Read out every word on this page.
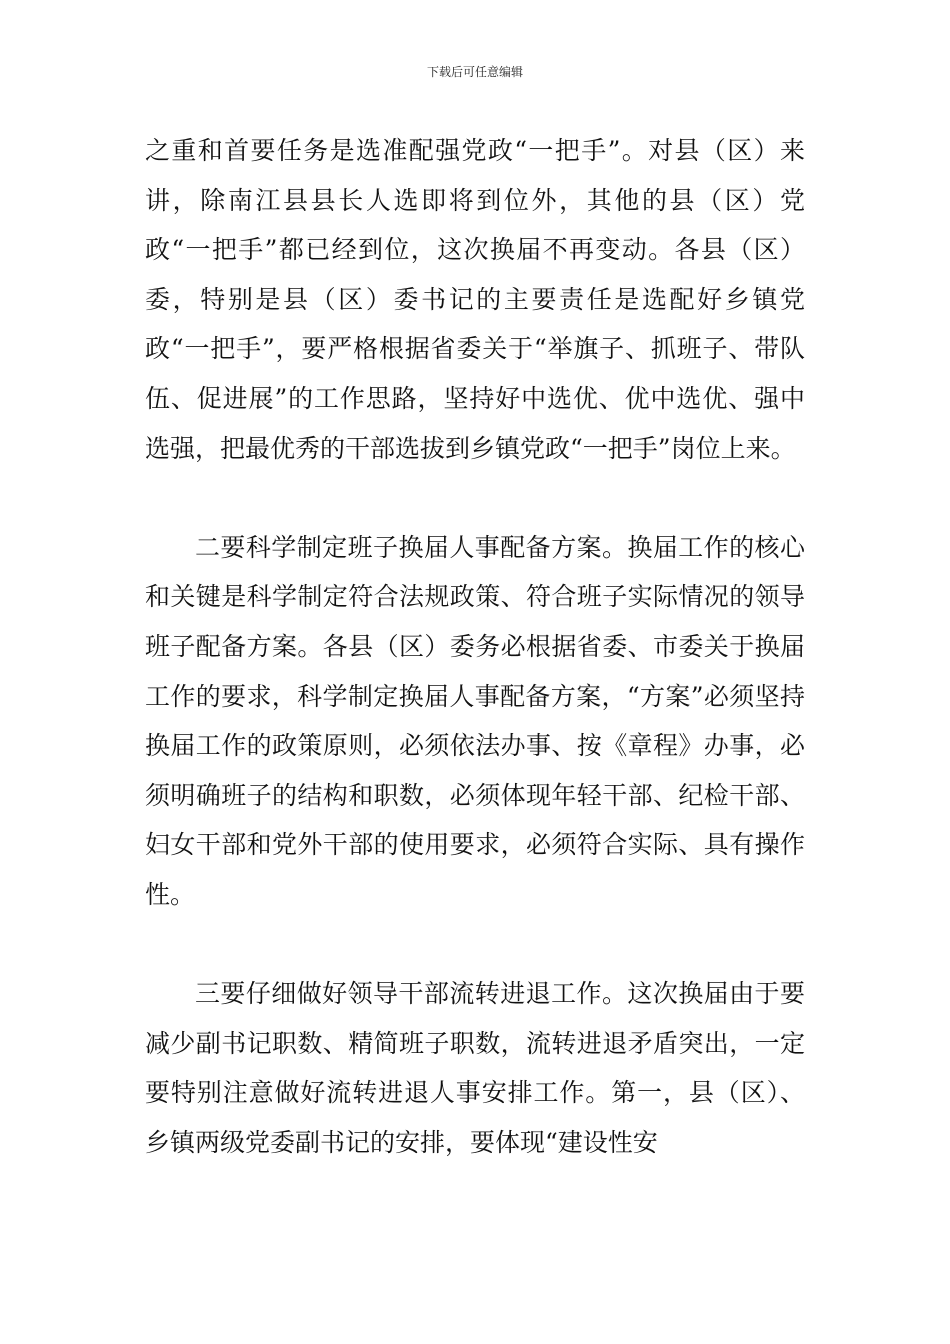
下载后可任意编辑

之重和首要任务是选准配强党政“一把手”。对县（区）来讲，除南江县县长人选即将到位外，其他的县（区）党政“一把手”都已经到位，这次换届不再变动。各县（区）委，特别是县（区）委书记的主要责任是选配好乡镇党政“一把手”，要严格根据省委关于“举旗子、抓班子、带队伍、促进展”的工作思路，坚持好中选优、优中选优、强中选强，把最优秀的干部选拔到乡镇党政“一把手”岗位上来。

二要科学制定班子换届人事配备方案。换届工作的核心和关键是科学制定符合法规政策、符合班子实际情况的领导班子配备方案。各县（区）委务必根据省委、市委关于换届工作的要求，科学制定换届人事配备方案，“方案”必须坚持换届工作的政策原则，必须依法办事、按《章程》办事，必须明确班子的结构和职数，必须体现年轻干部、纪检干部、妇女干部和党外干部的使用要求，必须符合实际、具有操作性。

三要仔细做好领导干部流转进退工作。这次换届由于要减少副书记职数、精简班子职数，流转进退矛盾突出，一定要特别注意做好流转进退人事安排工作。第一，县（区）、乡镇两级党委副书记的安排，要体现“建设性安
